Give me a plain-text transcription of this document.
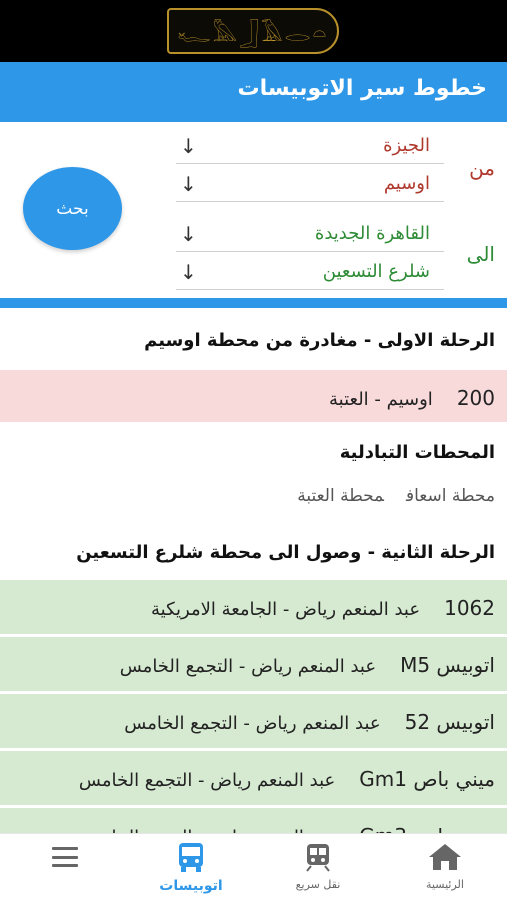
𓆑𓅓𓃀𓄿𓂋𓏏
خطوط سير الاتوبيسات
من
الى
الجيزة
↓
اوسيم
↓
القاهرة الجديدة
↓
شلرع التسعين
↓
بحث
الرحلة الاولى - مغادرة من محطة اوسيم
200اوسيم - العتبة
المحطات التبادلية
محطة اسعافمحطة العتبة
الرحلة الثانية - وصول الى محطة شلرع التسعين
1062عبد المنعم رياض - الجامعة الامريكية
اتوبيس M5عبد المنعم رياض - التجمع الخامس
اتوبيس 52عبد المنعم رياض - التجمع الخامس
ميني باص Gm1عبد المنعم رياض - التجمع الخامس
الرئيسية
نقل سريع
اتوبيسات
